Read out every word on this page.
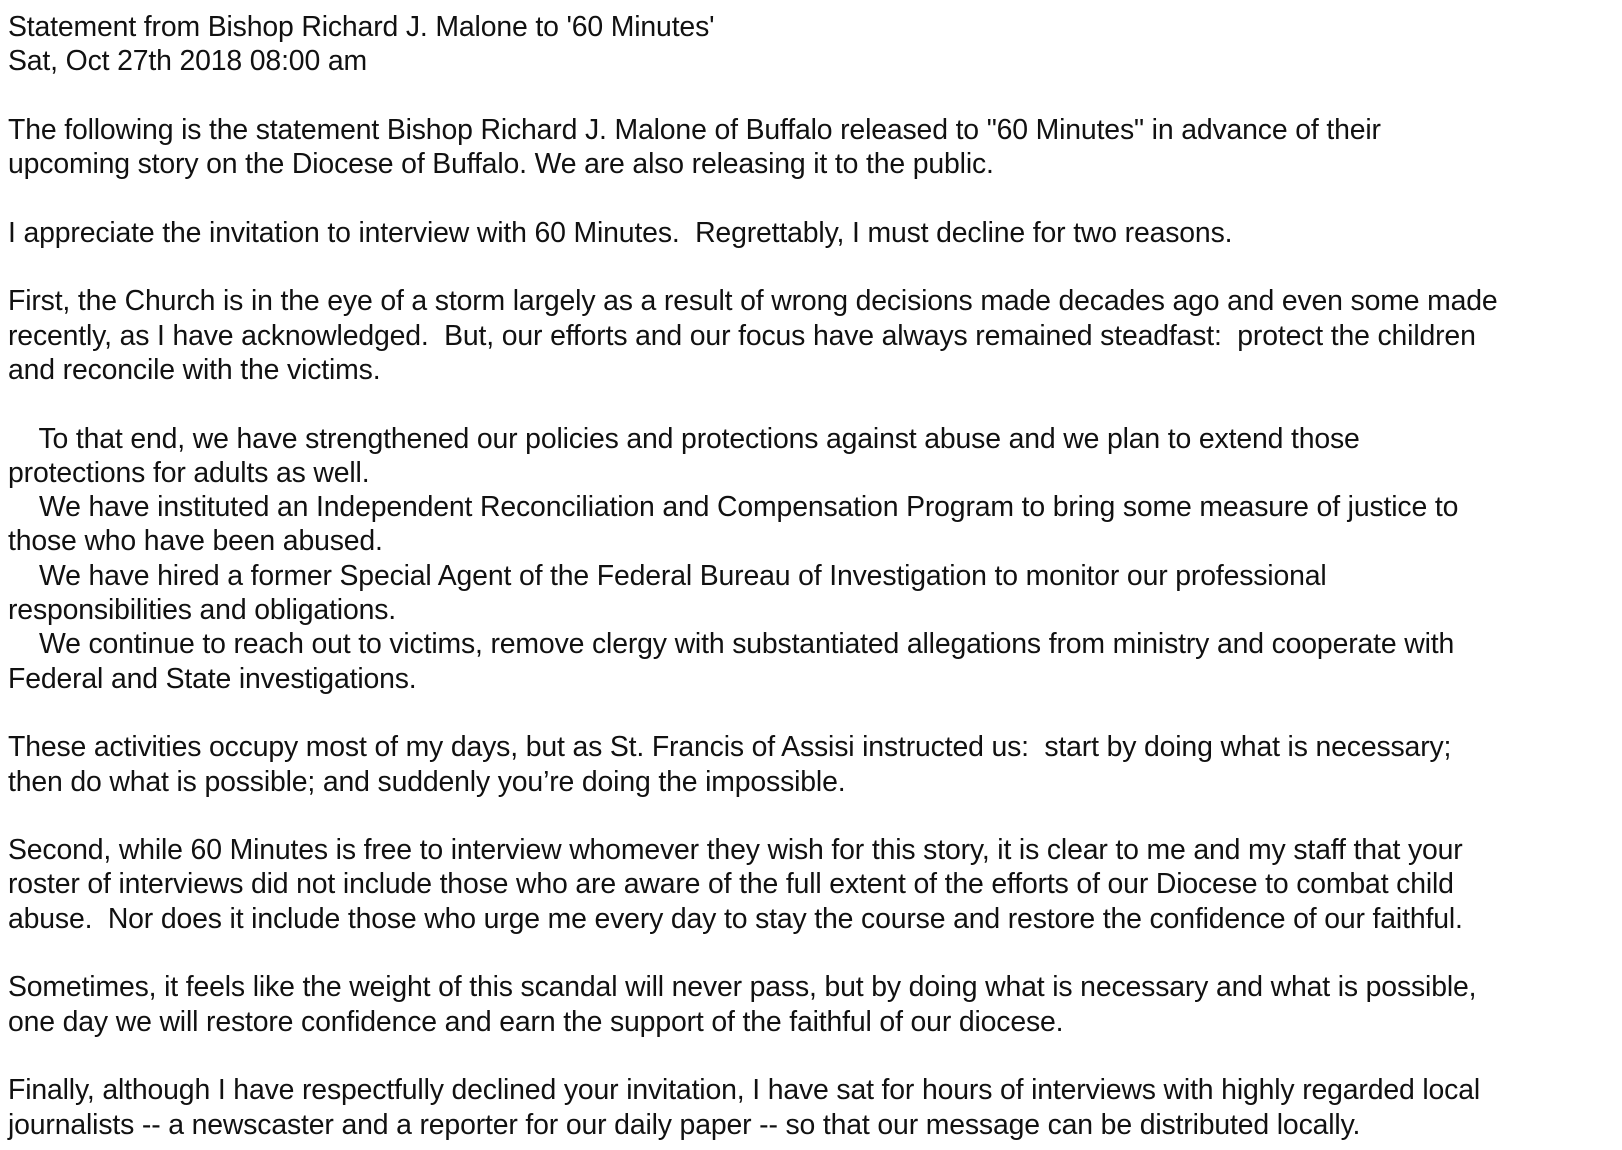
Statement from Bishop Richard J. Malone to '60 Minutes'
Sat, Oct 27th 2018 08:00 am
The following is the statement Bishop Richard J. Malone of Buffalo released to "60 Minutes" in advance of their
upcoming story on the Diocese of Buffalo. We are also releasing it to the public.
I appreciate the invitation to interview with 60 Minutes.  Regrettably, I must decline for two reasons.
First, the Church is in the eye of a storm largely as a result of wrong decisions made decades ago and even some made
recently, as I have acknowledged.  But, our efforts and our focus have always remained steadfast:  protect the children
and reconcile with the victims.
To that end, we have strengthened our policies and protections against abuse and we plan to extend those
protections for adults as well.
We have instituted an Independent Reconciliation and Compensation Program to bring some measure of justice to
those who have been abused.
We have hired a former Special Agent of the Federal Bureau of Investigation to monitor our professional
responsibilities and obligations.
We continue to reach out to victims, remove clergy with substantiated allegations from ministry and cooperate with
Federal and State investigations.
These activities occupy most of my days, but as St. Francis of Assisi instructed us:  start by doing what is necessary;
then do what is possible; and suddenly you’re doing the impossible.
Second, while 60 Minutes is free to interview whomever they wish for this story, it is clear to me and my staff that your
roster of interviews did not include those who are aware of the full extent of the efforts of our Diocese to combat child
abuse.  Nor does it include those who urge me every day to stay the course and restore the confidence of our faithful.
Sometimes, it feels like the weight of this scandal will never pass, but by doing what is necessary and what is possible,
one day we will restore confidence and earn the support of the faithful of our diocese.
Finally, although I have respectfully declined your invitation, I have sat for hours of interviews with highly regarded local
journalists -- a newscaster and a reporter for our daily paper -- so that our message can be distributed locally.
